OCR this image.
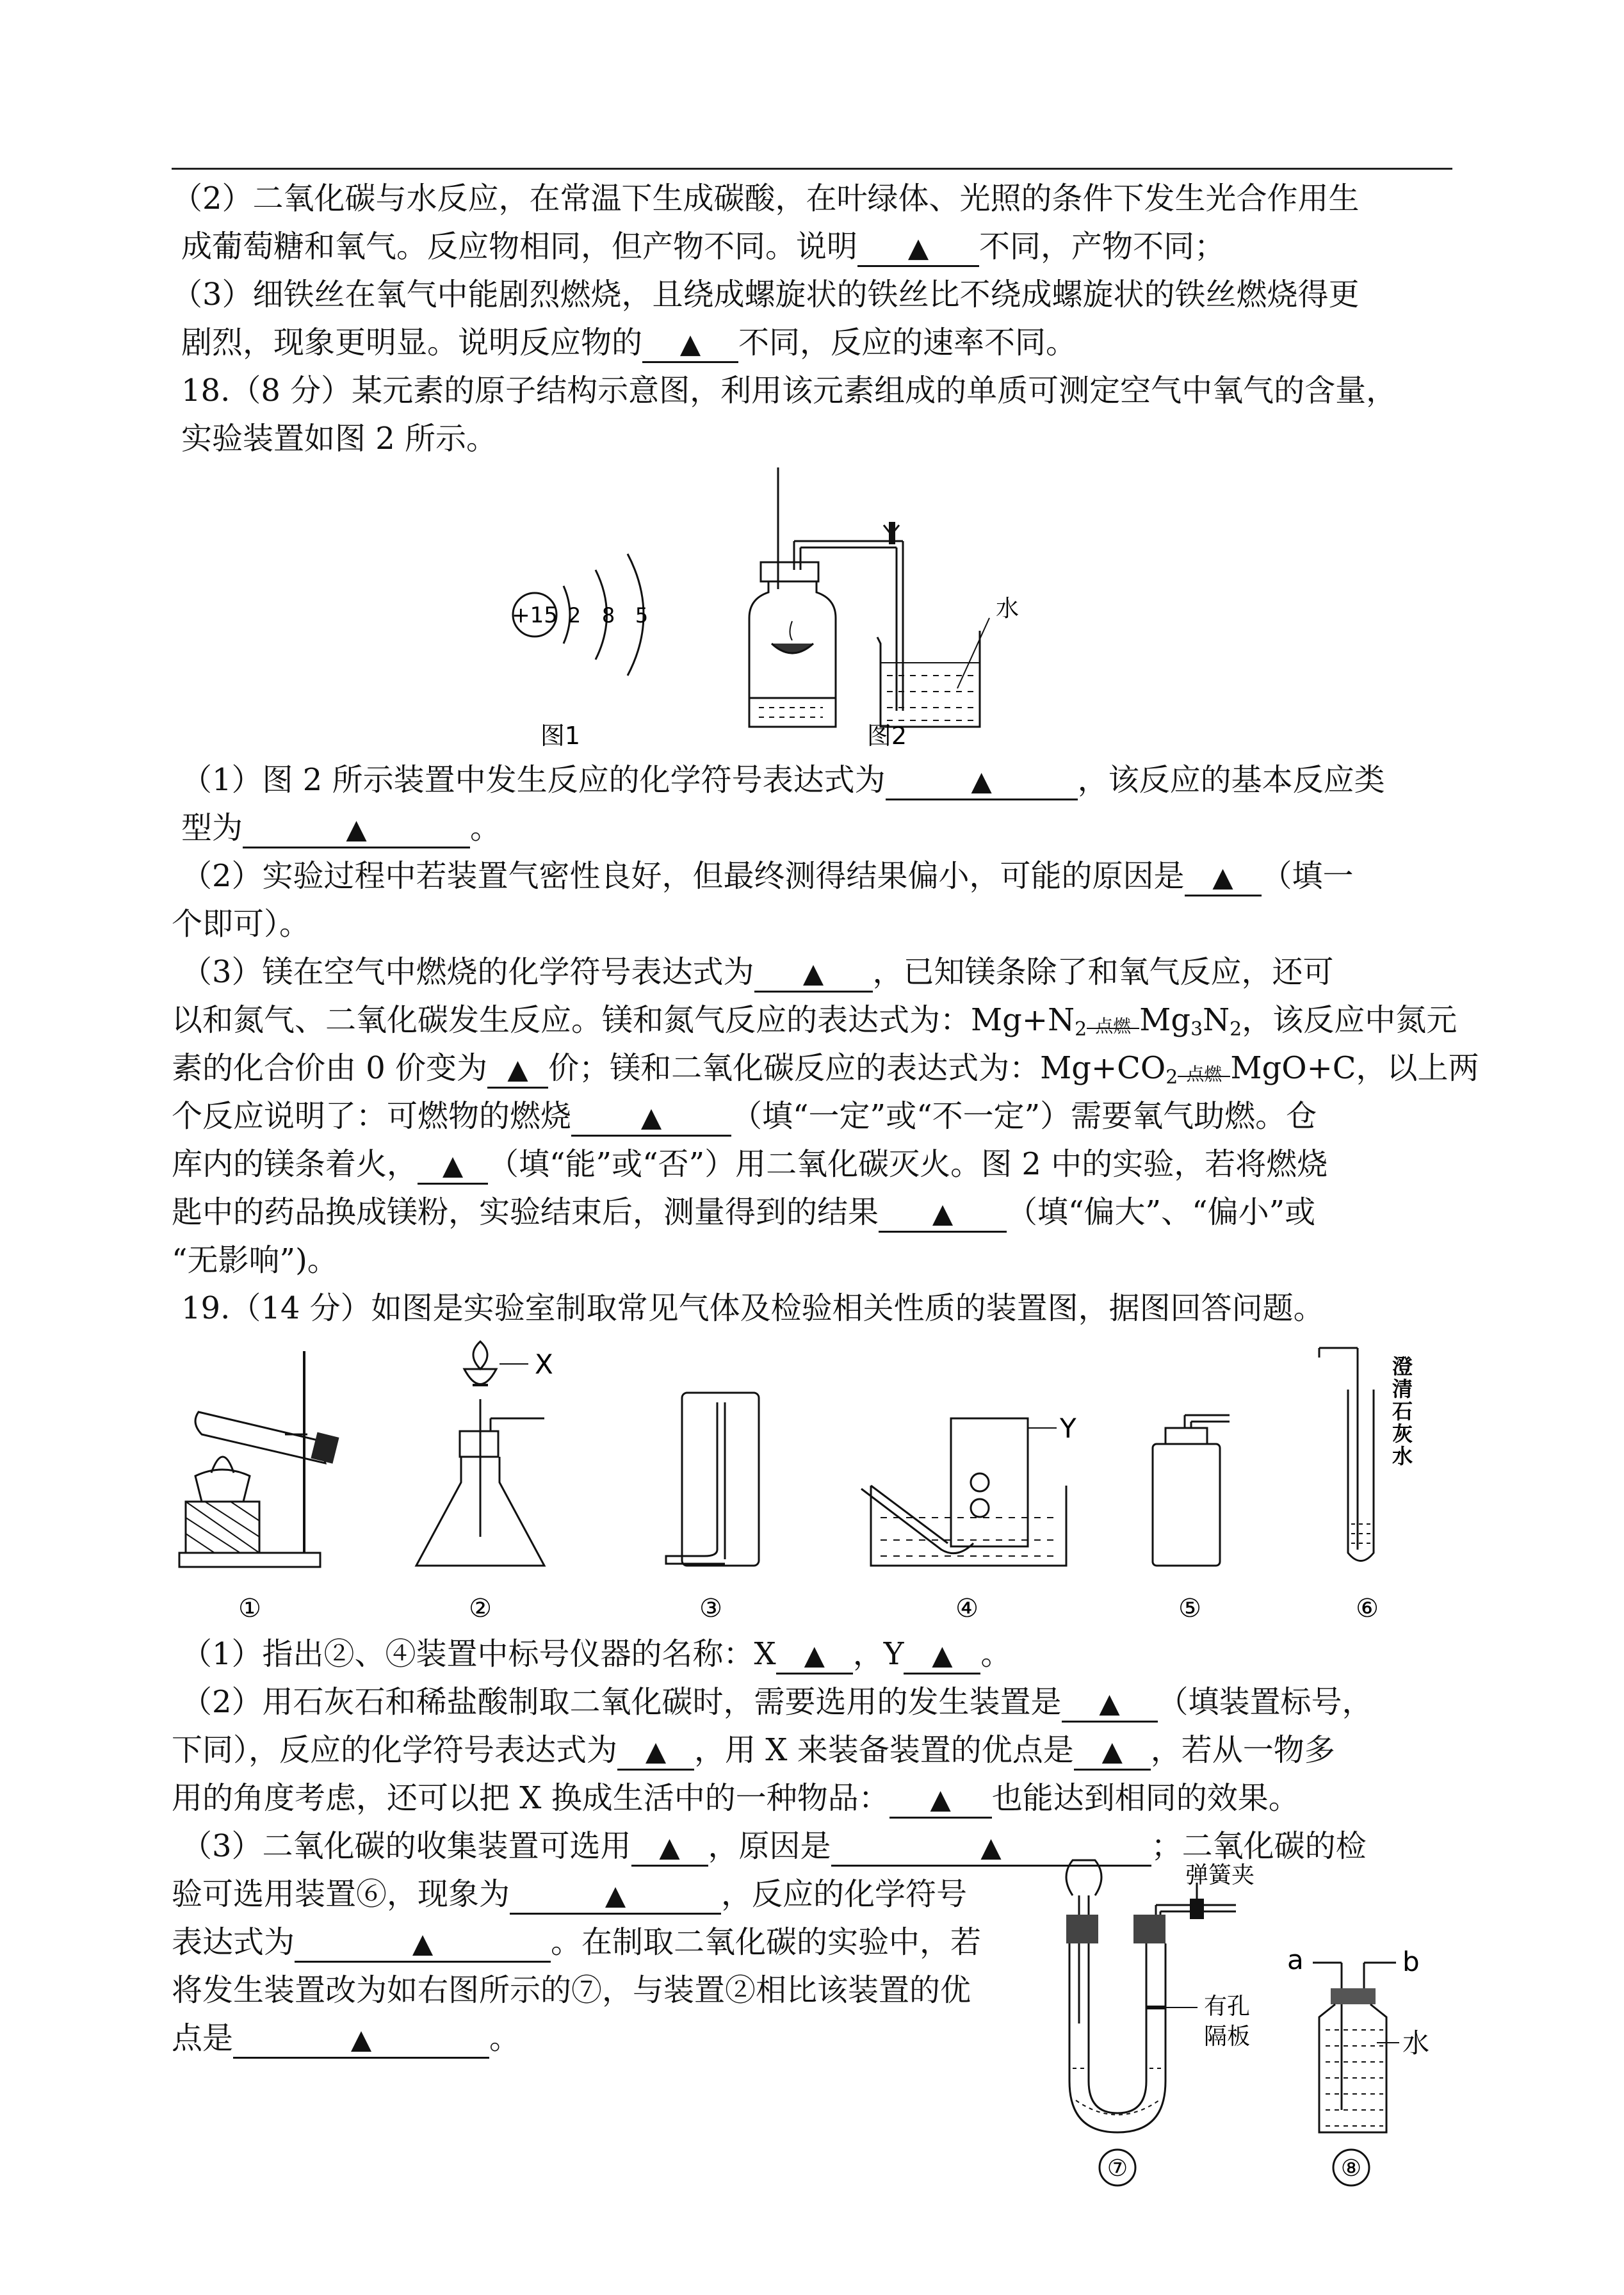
（2）二氧化碳与水反应，在常温下生成碳酸，在叶绿体、光照的条件下发生光合作用生
成葡萄糖和氧气。反应物相同，但产物不同。说明 ▲ 不同，产物不同；
（3）细铁丝在氧气中能剧烈燃烧，且绕成螺旋状的铁丝比不绕成螺旋状的铁丝燃烧得更
剧烈，现象更明显。说明反应物的 ▲ 不同，反应的速率不同。
18.（8 分）某元素的原子结构示意图，利用该元素组成的单质可测定空气中氧气的含量，
实验装置如图 2 所示。
+15 2 8 5
图1
水
图2
（1）图 2 所示装置中发生反应的化学符号表达式为	▲	，该反应的基本反应类
型为	▲	。
（2）实验过程中若装置气密性良好，但最终测得结果偏小，可能的原因是 ▲ （填一
个即可）。
（3）镁在空气中燃烧的化学符号表达式为 ▲ ，已知镁条除了和氧气反应，还可
以和氮气、二氧化碳发生反应。镁和氮气反应的表达式为：$Mg+N_2$ 点燃 $Mg_3N_2$，该反应中氮元
素的化合价由 0 价变为 ▲ 价；镁和二氧化碳反应的表达式为：$Mg+CO_2$ 点燃 MgO+C，以上两
个反应说明了：可燃物的燃烧	▲ （填“一定”或“不一定”）需要氧气助燃。仓
库内的镁条着火， ▲ （填“能”或“否”）用二氧化碳灭火。图 2 中的实验，若将燃烧
匙中的药品换成镁粉，实验结束后，测量得到的结果 ▲ （填“偏大”、“偏小”或
“无影响”)。
19.（14 分）如图是实验室制取常见气体及检验相关性质的装置图，据图回答问题。
①
X
②	③
Y
④	⑤
澄
清
石
灰
水
⑥
（1）指出②、④装置中标号仪器的名称：X ▲ ，Y ▲ 。
（2）用石灰石和稀盐酸制取二氧化碳时，需要选用的发生装置是 ▲ （填装置标号，
下同），反应的化学符号表达式为 ▲ ，用 X 来装备装置的优点是 ▲ ，若从一物多
用的角度考虑，还可以把 X 换成生活中的一种物品： ▲ 也能达到相同的效果。
（3）二氧化碳的收集装置可选用 ▲ ，原因是	▲	；二氧化碳的检
验可选用装置⑥，现象为	▲	，反应的化学符号
表达式为	▲	。在制取二氧化碳的实验中，若
将发生装置改为如右图所示的⑦，与装置②相比该装置的优
点是	▲	。
弹簧夹
有孔
隔板
⑦
a	b
水
⑧
